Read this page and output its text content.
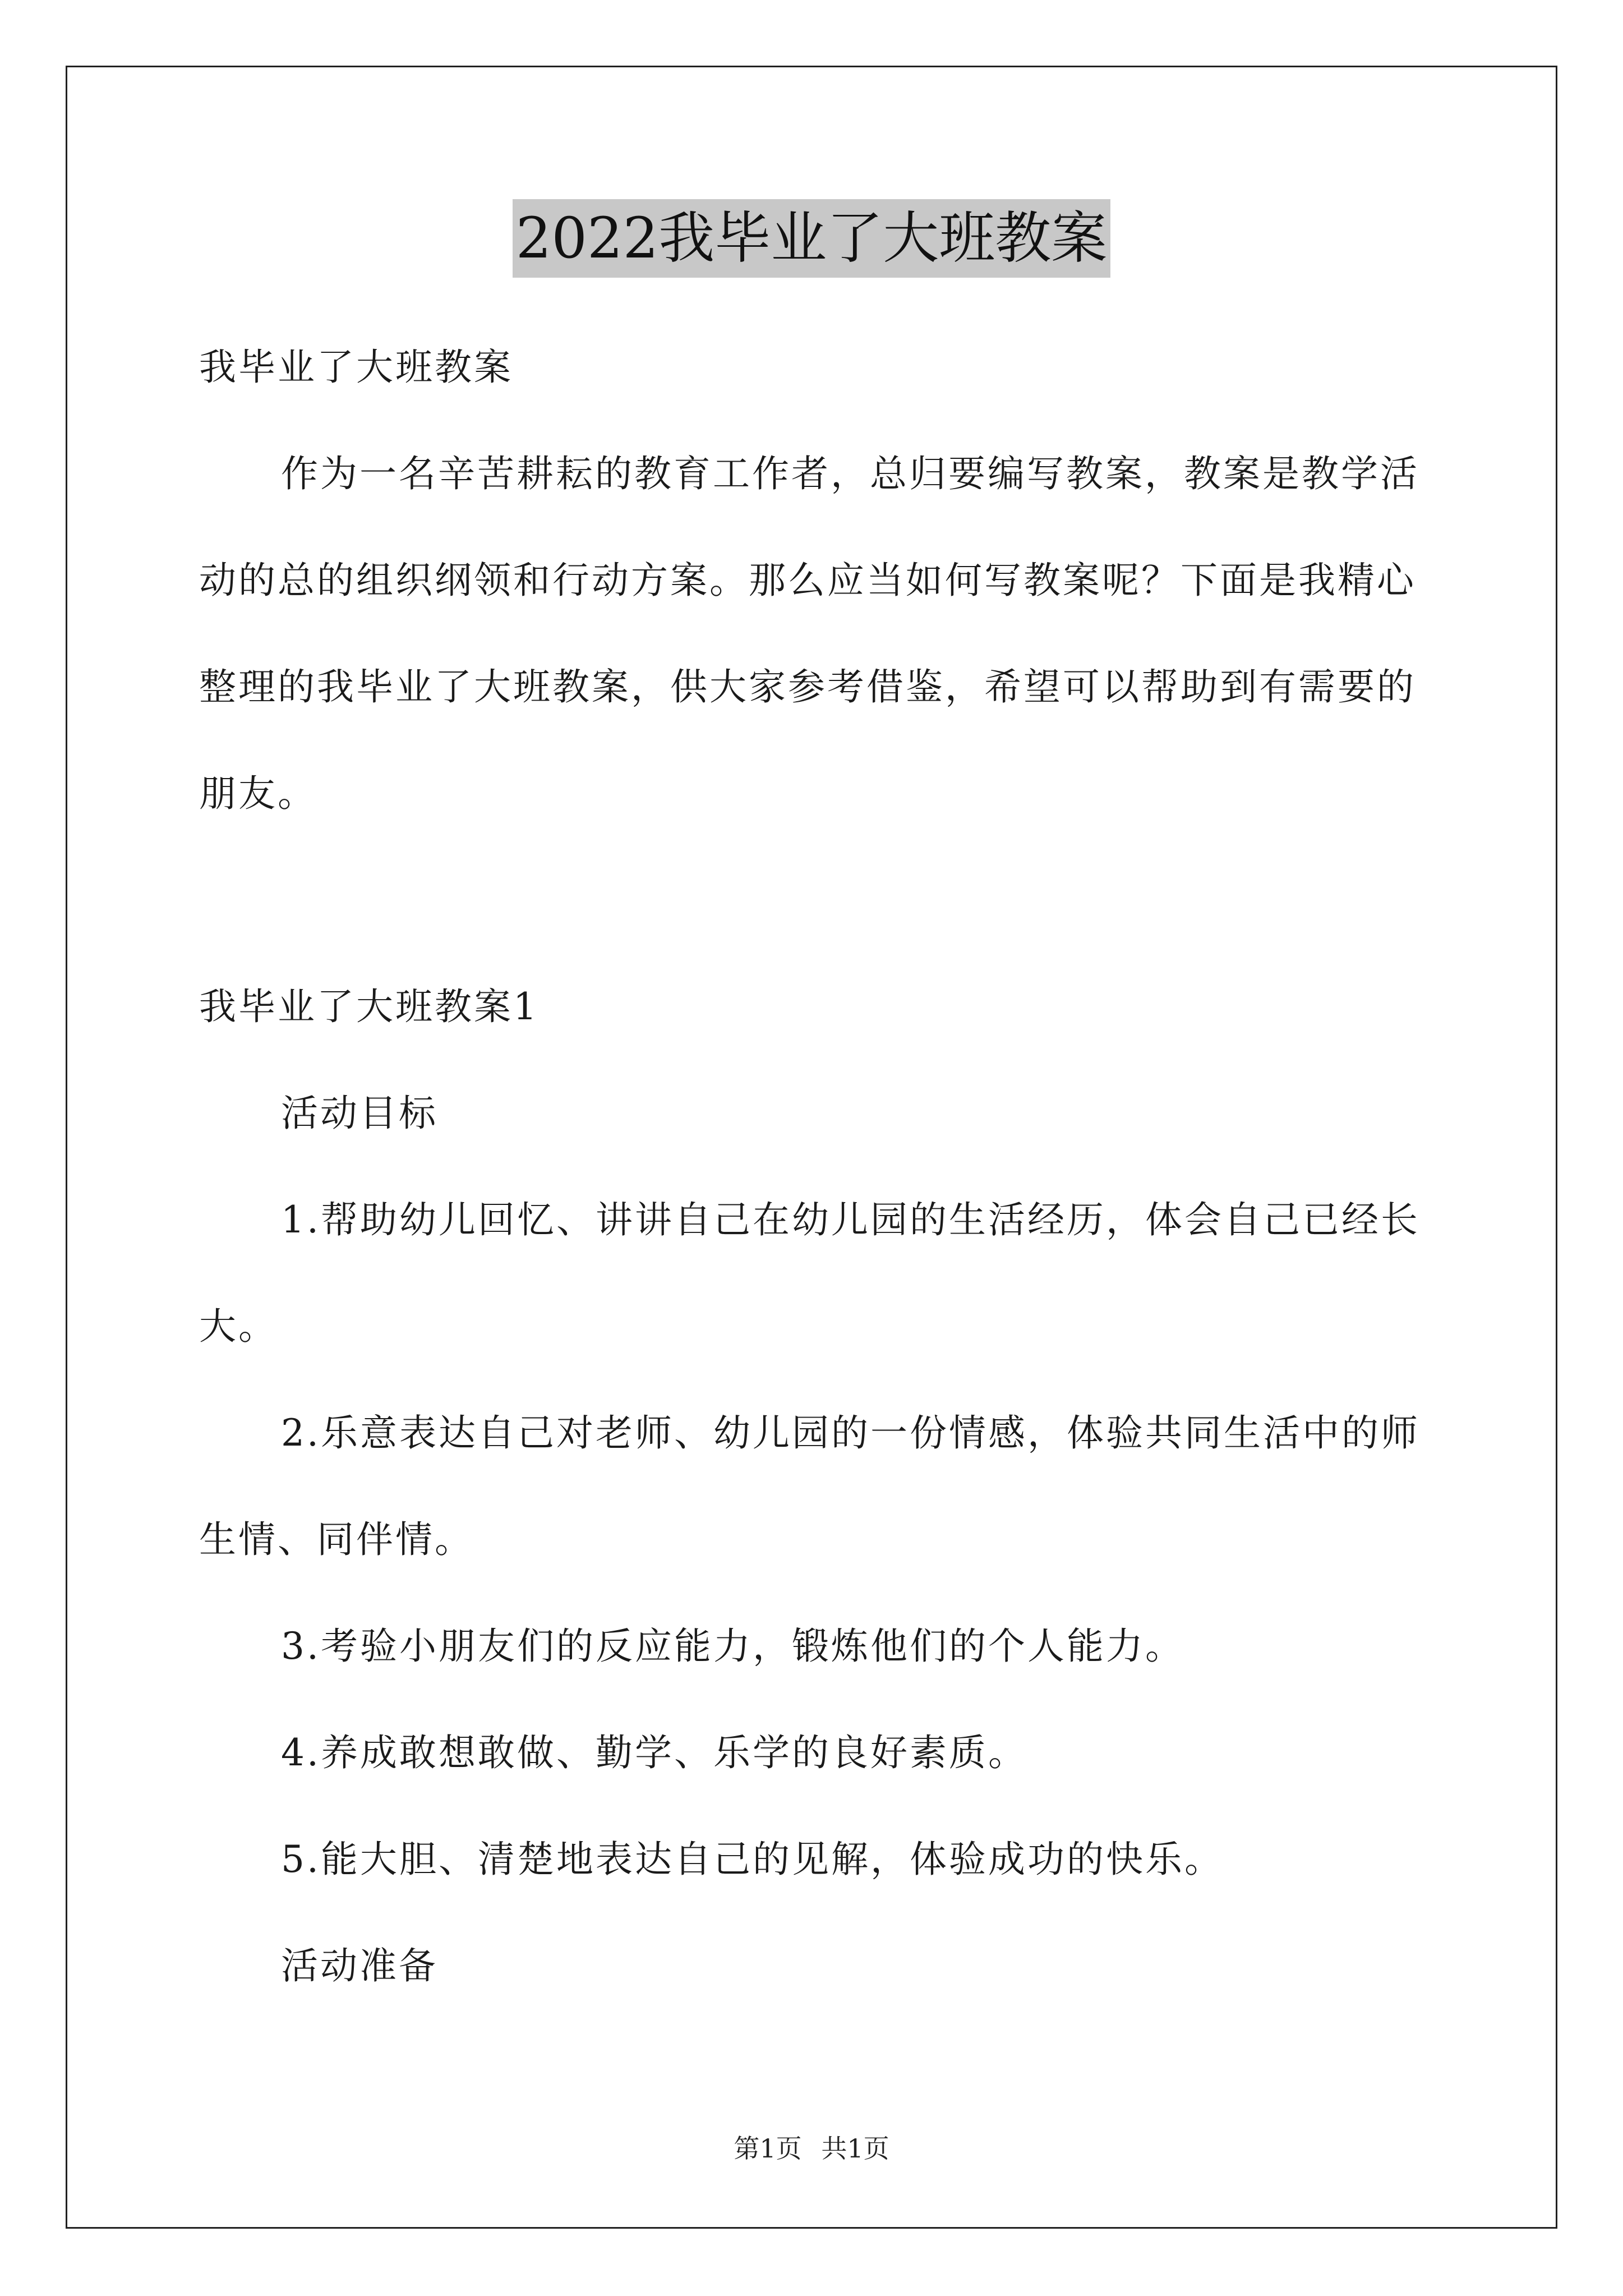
2022我毕业了大班教案

我毕业了大班教案

作为一名辛苦耕耘的教育工作者，总归要编写教案，教案是教学活动的总的组织纲领和行动方案。那么应当如何写教案呢？下面是我精心整理的我毕业了大班教案，供大家参考借鉴，希望可以帮助到有需要的朋友。

我毕业了大班教案1

活动目标

1.帮助幼儿回忆、讲讲自己在幼儿园的生活经历，体会自己已经长大。

2.乐意表达自己对老师、幼儿园的一份情感，体验共同生活中的师生情、同伴情。

3.考验小朋友们的反应能力，锻炼他们的个人能力。

4.养成敢想敢做、勤学、乐学的良好素质。

5.能大胆、清楚地表达自己的见解，体验成功的快乐。

活动准备

第1页 共1页
